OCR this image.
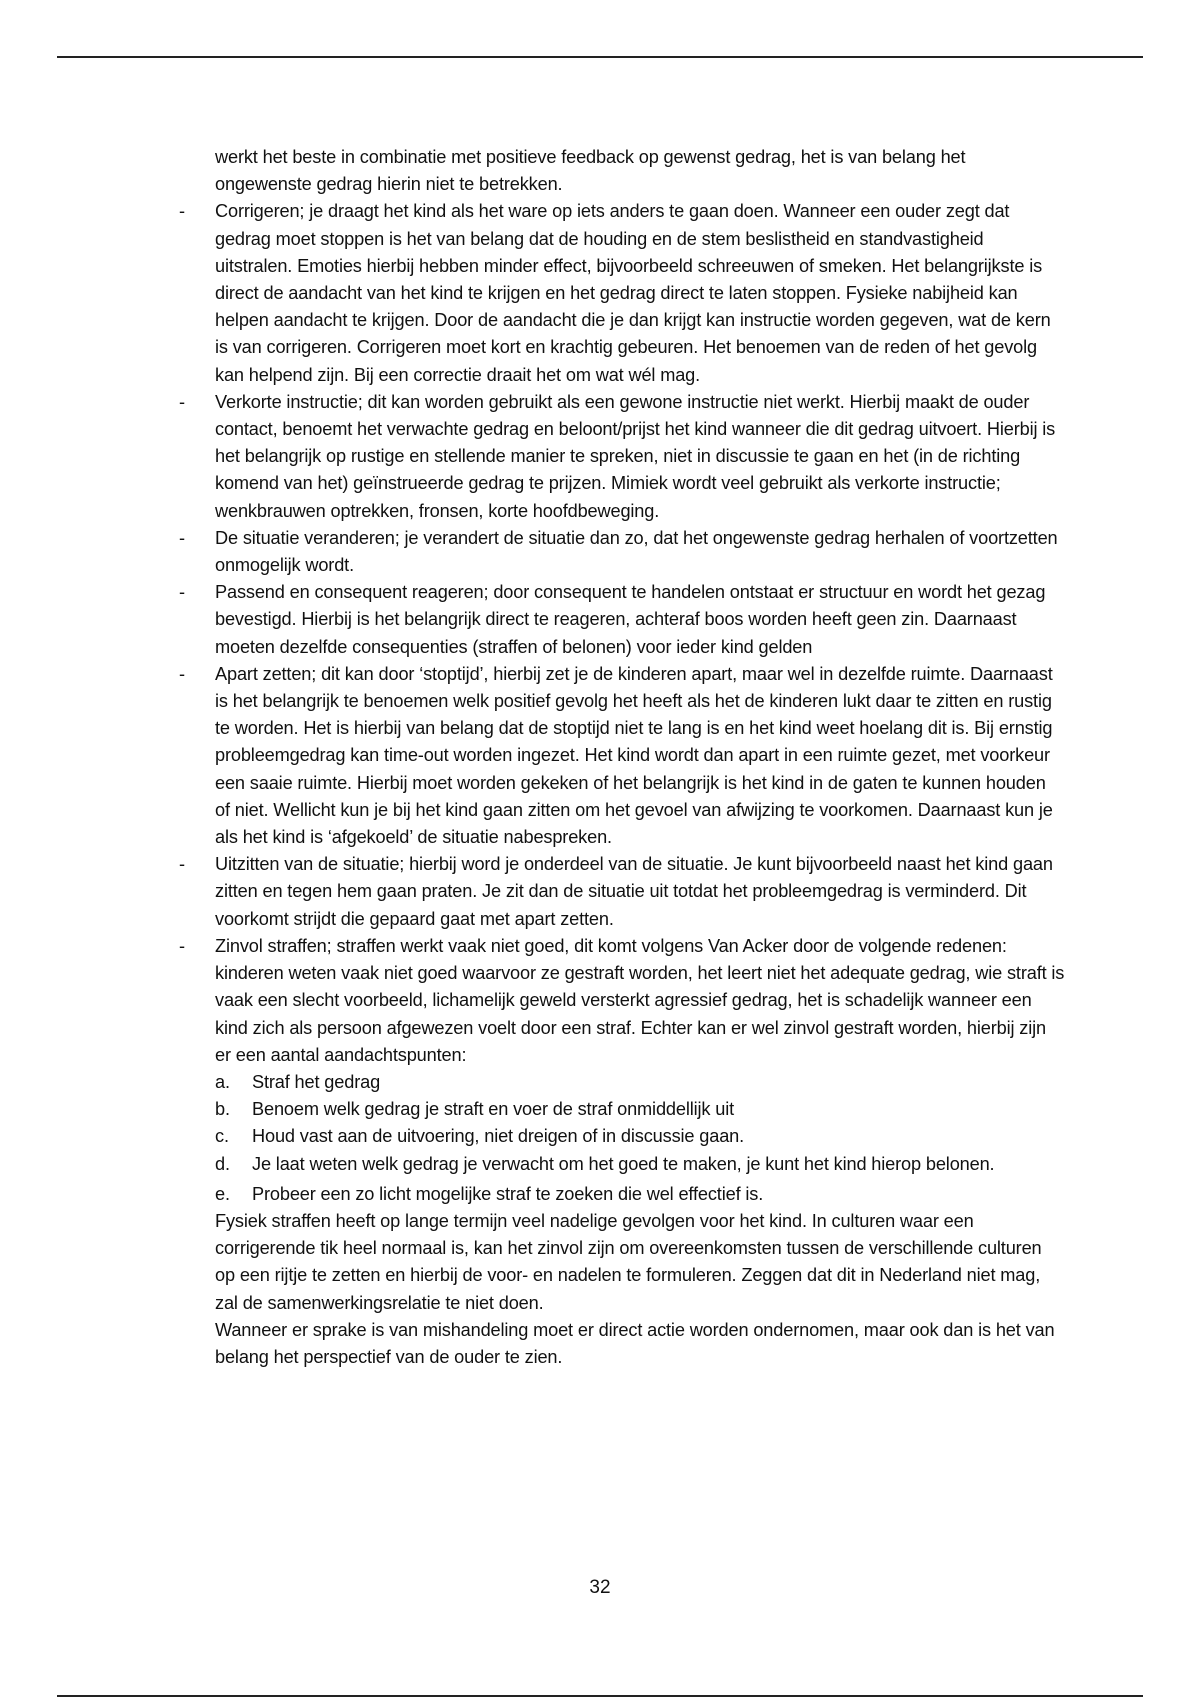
werkt het beste in combinatie met positieve feedback op gewenst gedrag, het is van belang het ongewenste gedrag hierin niet te betrekken.

- Corrigeren; je draagt het kind als het ware op iets anders te gaan doen. Wanneer een ouder zegt dat gedrag moet stoppen is het van belang dat de houding en de stem beslistheid en standvastigheid uitstralen. Emoties hierbij hebben minder effect, bijvoorbeeld schreeuwen of smeken. Het belangrijkste is direct de aandacht van het kind te krijgen en het gedrag direct te laten stoppen. Fysieke nabijheid kan helpen aandacht te krijgen. Door de aandacht die je dan krijgt kan instructie worden gegeven, wat de kern is van corrigeren. Corrigeren moet kort en krachtig gebeuren. Het benoemen van de reden of het gevolg kan helpend zijn. Bij een correctie draait het om wat wél mag.
- Verkorte instructie; dit kan worden gebruikt als een gewone instructie niet werkt. Hierbij maakt de ouder contact, benoemt het verwachte gedrag en beloont/prijst het kind wanneer die dit gedrag uitvoert. Hierbij is het belangrijk op rustige en stellende manier te spreken, niet in discussie te gaan en het (in de richting komend van het) geïnstrueerde gedrag te prijzen. Mimiek wordt veel gebruikt als verkorte instructie; wenkbrauwen optrekken, fronsen, korte hoofdbeweging.
- De situatie veranderen; je verandert de situatie dan zo, dat het ongewenste gedrag herhalen of voortzetten onmogelijk wordt.
- Passend en consequent reageren; door consequent te handelen ontstaat er structuur en wordt het gezag bevestigd. Hierbij is het belangrijk direct te reageren, achteraf boos worden heeft geen zin. Daarnaast moeten dezelfde consequenties (straffen of belonen) voor ieder kind gelden
- Apart zetten; dit kan door ‘stoptijd’, hierbij zet je de kinderen apart, maar wel in dezelfde ruimte. Daarnaast is het belangrijk te benoemen welk positief gevolg het heeft als het de kinderen lukt daar te zitten en rustig te worden. Het is hierbij van belang dat de stoptijd niet te lang is en het kind weet hoelang dit is. Bij ernstig probleemgedrag kan time-out worden ingezet. Het kind wordt dan apart in een ruimte gezet, met voorkeur een saaie ruimte. Hierbij moet worden gekeken of het belangrijk is het kind in de gaten te kunnen houden of niet. Wellicht kun je bij het kind gaan zitten om het gevoel van afwijzing te voorkomen. Daarnaast kun je als het kind is ‘afgekoeld’ de situatie nabespreken.
- Uitzitten van de situatie; hierbij word je onderdeel van de situatie. Je kunt bijvoorbeeld naast het kind gaan zitten en tegen hem gaan praten. Je zit dan de situatie uit totdat het probleemgedrag is verminderd. Dit voorkomt strijdt die gepaard gaat met apart zetten.
- Zinvol straffen; straffen werkt vaak niet goed, dit komt volgens Van Acker door de volgende redenen: kinderen weten vaak niet goed waarvoor ze gestraft worden, het leert niet het adequate gedrag, wie straft is vaak een slecht voorbeeld, lichamelijk geweld versterkt agressief gedrag, het is schadelijk wanneer een kind zich als persoon afgewezen voelt door een straf. Echter kan er wel zinvol gestraft worden, hierbij zijn er een aantal aandachtspunten:
a. Straf het gedrag
b. Benoem welk gedrag je straft en voer de straf onmiddellijk uit
c. Houd vast aan de uitvoering, niet dreigen of in discussie gaan.
d. Je laat weten welk gedrag je verwacht om het goed te maken, je kunt het kind hierop belonen.
e. Probeer een zo licht mogelijke straf te zoeken die wel effectief is.

Fysiek straffen heeft op lange termijn veel nadelige gevolgen voor het kind. In culturen waar een corrigerende tik heel normaal is, kan het zinvol zijn om overeenkomsten tussen de verschillende culturen op een rijtje te zetten en hierbij de voor- en nadelen te formuleren. Zeggen dat dit in Nederland niet mag, zal de samenwerkingsrelatie te niet doen.

Wanneer er sprake is van mishandeling moet er direct actie worden ondernomen, maar ook dan is het van belang het perspectief van de ouder te zien.

32
